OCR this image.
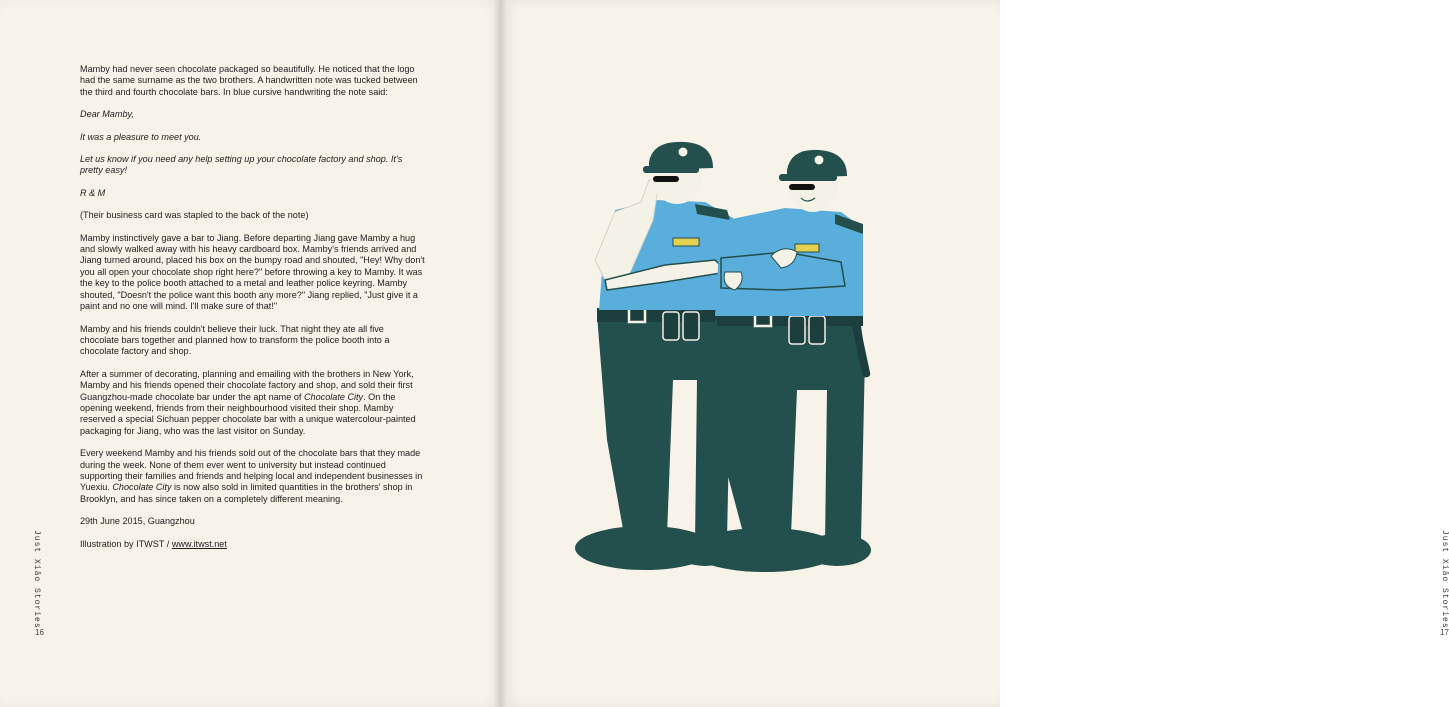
Mamby had never seen chocolate packaged so beautifully. He noticed that the logo had the same surname as the two brothers. A handwritten note was tucked between the third and fourth chocolate bars. In blue cursive handwriting the note said:

Dear Mamby,

It was a pleasure to meet you.

Let us know if you need any help setting up your chocolate factory and shop. It's pretty easy!

R & M

(Their business card was stapled to the back of the note)

Mamby instinctively gave a bar to Jiang. Before departing Jiang gave Mamby a hug and slowly walked away with his heavy cardboard box. Mamby's friends arrived and Jiang turned around, placed his box on the bumpy road and shouted, "Hey! Why don't you all open your chocolate shop right here?" before throwing a key to Mamby. It was the key to the police booth attached to a metal and leather police keyring. Mamby shouted, "Doesn't the police want this booth any more?" Jiang replied, "Just give it a paint and no one will mind. I'll make sure of that!"

Mamby and his friends couldn't believe their luck. That night they ate all five chocolate bars together and planned how to transform the police booth into a chocolate factory and shop.

After a summer of decorating, planning and emailing with the brothers in New York, Mamby and his friends opened their chocolate factory and shop, and sold their first Guangzhou-made chocolate bar under the apt name of Chocolate City. On the opening weekend, friends from their neighbourhood visited their shop. Mamby reserved a special Sichuan pepper chocolate bar with a unique watercolour-painted packaging for Jiang, who was the last visitor on Sunday.

Every weekend Mamby and his friends sold out of the chocolate bars that they made during the week. None of them ever went to university but instead continued supporting their families and friends and helping local and independent businesses in Yuexiu. Chocolate City is now also sold in limited quantities in the brothers' shop in Brooklyn, and has since taken on a completely different meaning.

29th June 2015, Guangzhou

Illustration by ITWST / www.itwst.net

Just Xiǎo Stories
16
Just Xiǎo Stories
17
